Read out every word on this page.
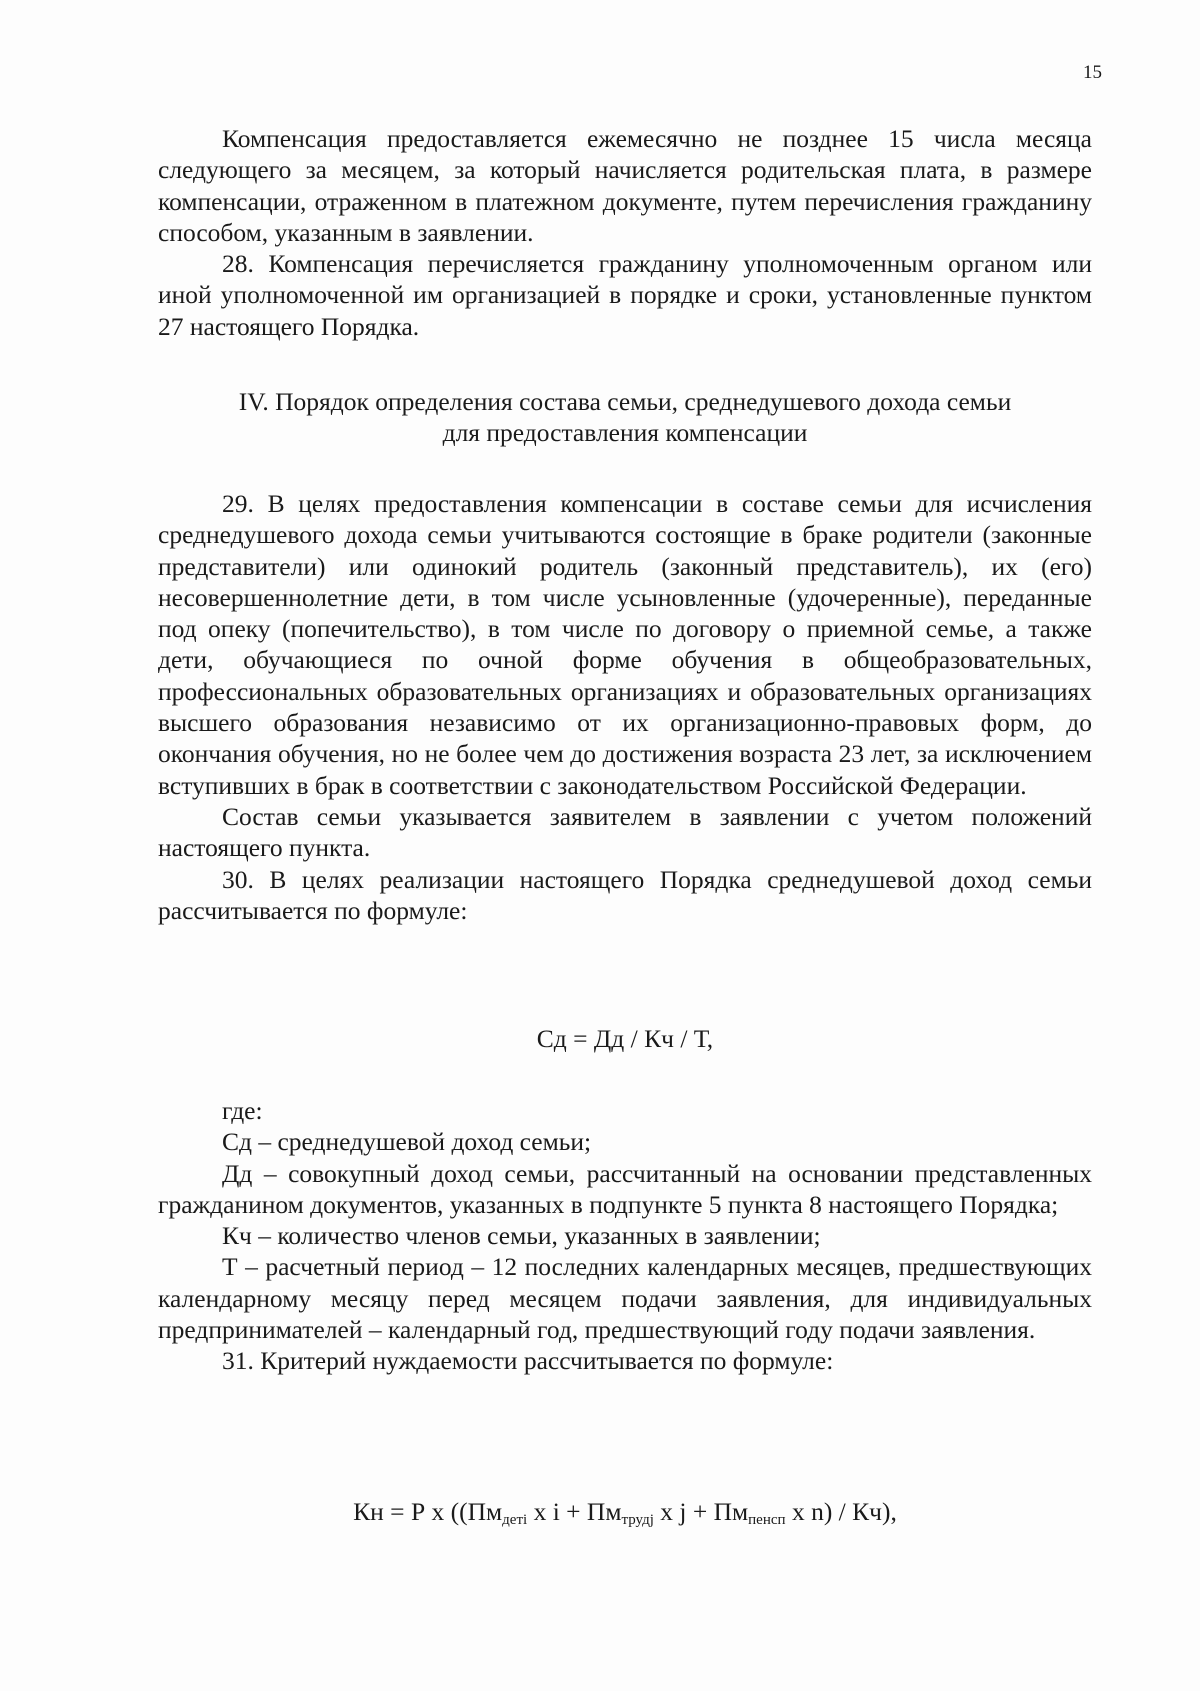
15

Компенсация предоставляется ежемесячно не позднее 15 числа месяца следующего за месяцем, за который начисляется родительская плата, в размере компенсации, отраженном в платежном документе, путем перечисления гражданину способом, указанным в заявлении.

28. Компенсация перечисляется гражданину уполномоченным органом или иной уполномоченной им организацией в порядке и сроки, установленные пунктом 27 настоящего Порядка.

IV. Порядок определения состава семьи, среднедушевого дохода семьи
для предоставления компенсации

29. В целях предоставления компенсации в составе семьи для исчисления среднедушевого дохода семьи учитываются состоящие в браке родители (законные представители) или одинокий родитель (законный представитель), их (его) несовершеннолетние дети, в том числе усыновленные (удочеренные), переданные под опеку (попечительство), в том числе по договору о приемной семье, а также дети, обучающиеся по очной форме обучения в общеобразовательных, профессиональных образовательных организациях и образовательных организациях высшего образования независимо от их организационно-правовых форм, до окончания обучения, но не более чем до достижения возраста 23 лет, за исключением вступивших в брак в соответствии с законодательством Российской Федерации.

Состав семьи указывается заявителем в заявлении с учетом положений настоящего пункта.

30. В целях реализации настоящего Порядка среднедушевой доход семьи рассчитывается по формуле:

Сд = Дд / Кч / Т,

где:

Сд – среднедушевой доход семьи;

Дд – совокупный доход семьи, рассчитанный на основании представленных гражданином документов, указанных в подпункте 5 пункта 8 настоящего Порядка;

Кч – количество членов семьи, указанных в заявлении;

Т – расчетный период – 12 последних календарных месяцев, предшествующих календарному месяцу перед месяцем подачи заявления, для индивидуальных предпринимателей – календарный год, предшествующий году подачи заявления.

31. Критерий нуждаемости рассчитывается по формуле:

Кн = Р х (($Пм_{детi}$ х $i + Пм_{трудj}$ х $j + Пм_{пенсп}$ х n) / Кч),
